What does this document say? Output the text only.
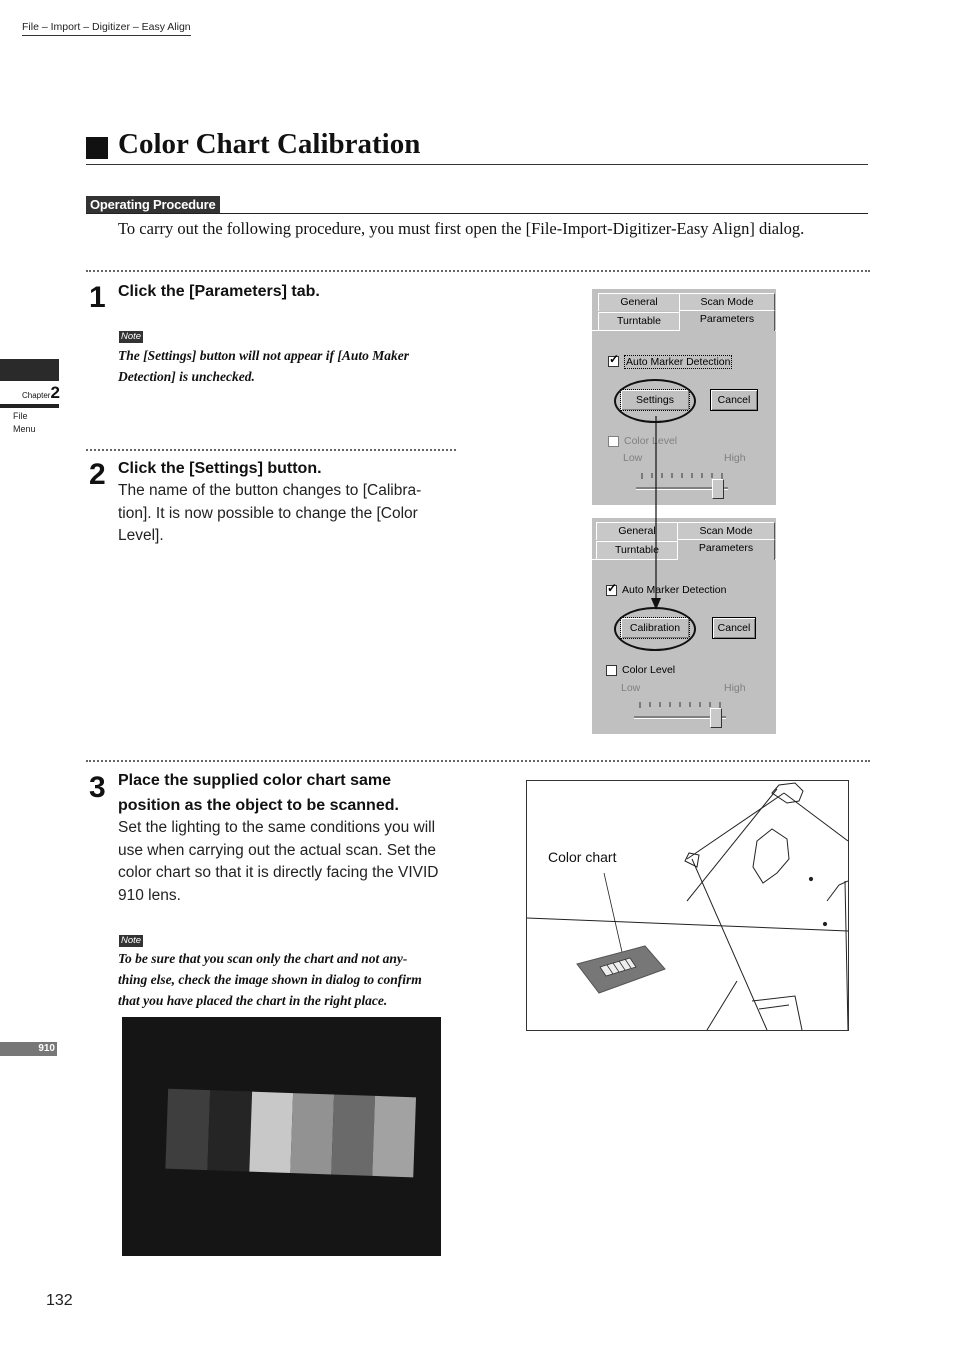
File – Import – Digitizer – Easy Align
Color Chart Calibration
Operating Procedure
To carry out the following procedure, you must first open the [File-Import-Digitizer-Easy Align] dialog.
1 Click the [Parameters] tab.
Note
The [Settings] button will not appear if [Auto Maker
Detection] is unchecked.
2 Click the [Settings] button.
The name of the button changes to [Calibra-
tion]. It is now possible to change the [Color
Level].
General	Scan Mode
Turntable	Parameters
✓ Auto Marker Detection
Settings	Cancel
Color Level
Low	High
General	Scan Mode
Turntable	Parameters
✓ Auto Marker Detection
Calibration	Cancel
Color Level
Low	High
3 Place the supplied color chart same
position as the object to be scanned.
Set the lighting to the same conditions you will
use when carrying out the actual scan. Set the
color chart so that it is directly facing the VIVID
910 lens.
Note
To be sure that you scan only the chart and not any-
thing else, check the image shown in dialog to confirm
that you have placed the chart in the right place.
Color chart
Chapter2
File
Menu
910
132
